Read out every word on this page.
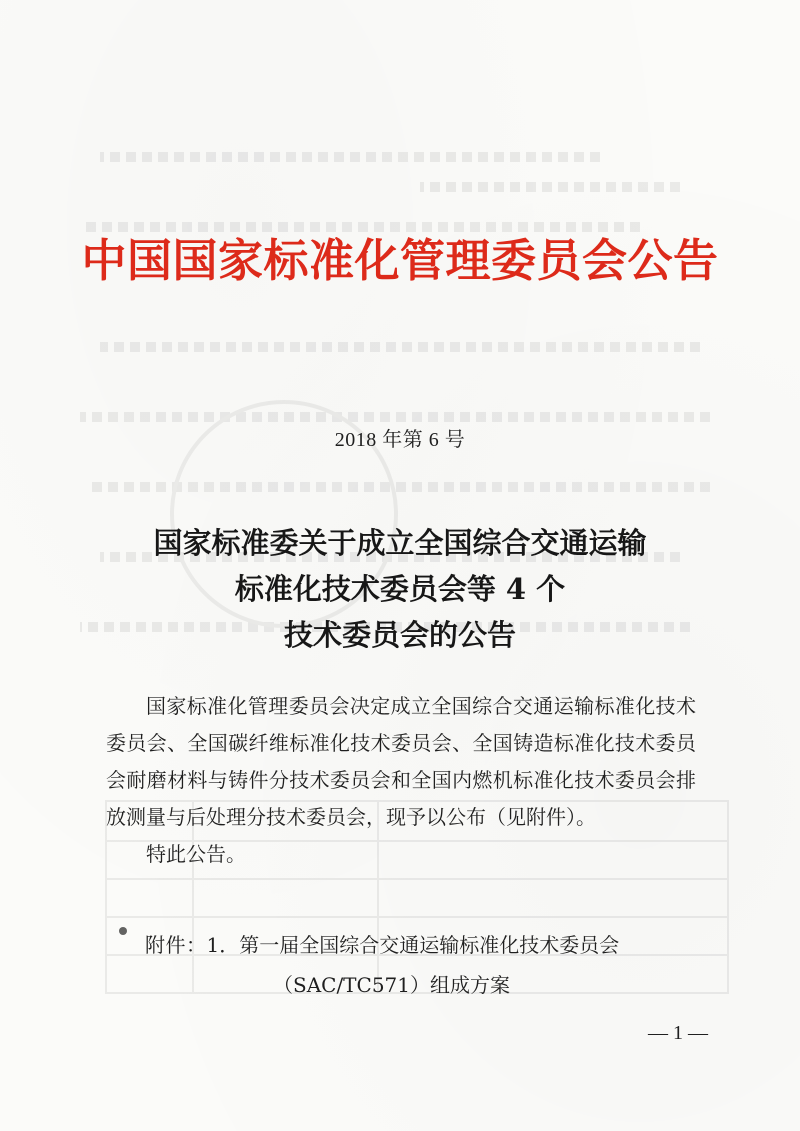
中国国家标准化管理委员会公告
2018 年第 6 号
国家标准委关于成立全国综合交通运输
标准化技术委员会等 4 个
技术委员会的公告

国家标准化管理委员会决定成立全国综合交通运输标准化技术委员会、全国碳纤维标准化技术委员会、全国铸造标准化技术委员会耐磨材料与铸件分技术委员会和全国内燃机标准化技术委员会排放测量与后处理分技术委员会，现予以公布（见附件）。

特此公告。

附件：1．第一届全国综合交通运输标准化技术委员会
（SAC/TC571）组成方案
— 1 —
